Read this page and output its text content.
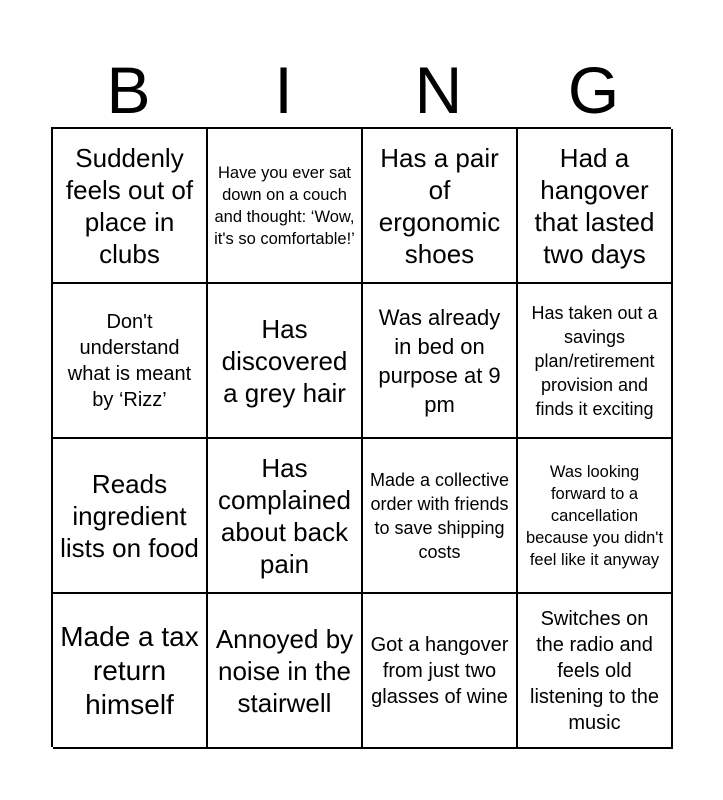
B	I	N	G
Suddenly feels out of place in clubs
Have you ever sat down on a couch and thought: ‘Wow, it's so comfortable!’
Has a pair of ergonomic shoes
Had a hangover that lasted two days
Don't understand what is meant by ‘Rizz’
Has discovered a grey hair
Was already in bed on purpose at 9 pm
Has taken out a savings plan/retirement provision and finds it exciting
Reads ingredient lists on food
Has complained about back pain
Made a collective order with friends to save shipping costs
Was looking forward to a cancellation because you didn't feel like it anyway
Made a tax return himself
Annoyed by noise in the stairwell
Got a hangover from just two glasses of wine
Switches on the radio and feels old listening to the music
